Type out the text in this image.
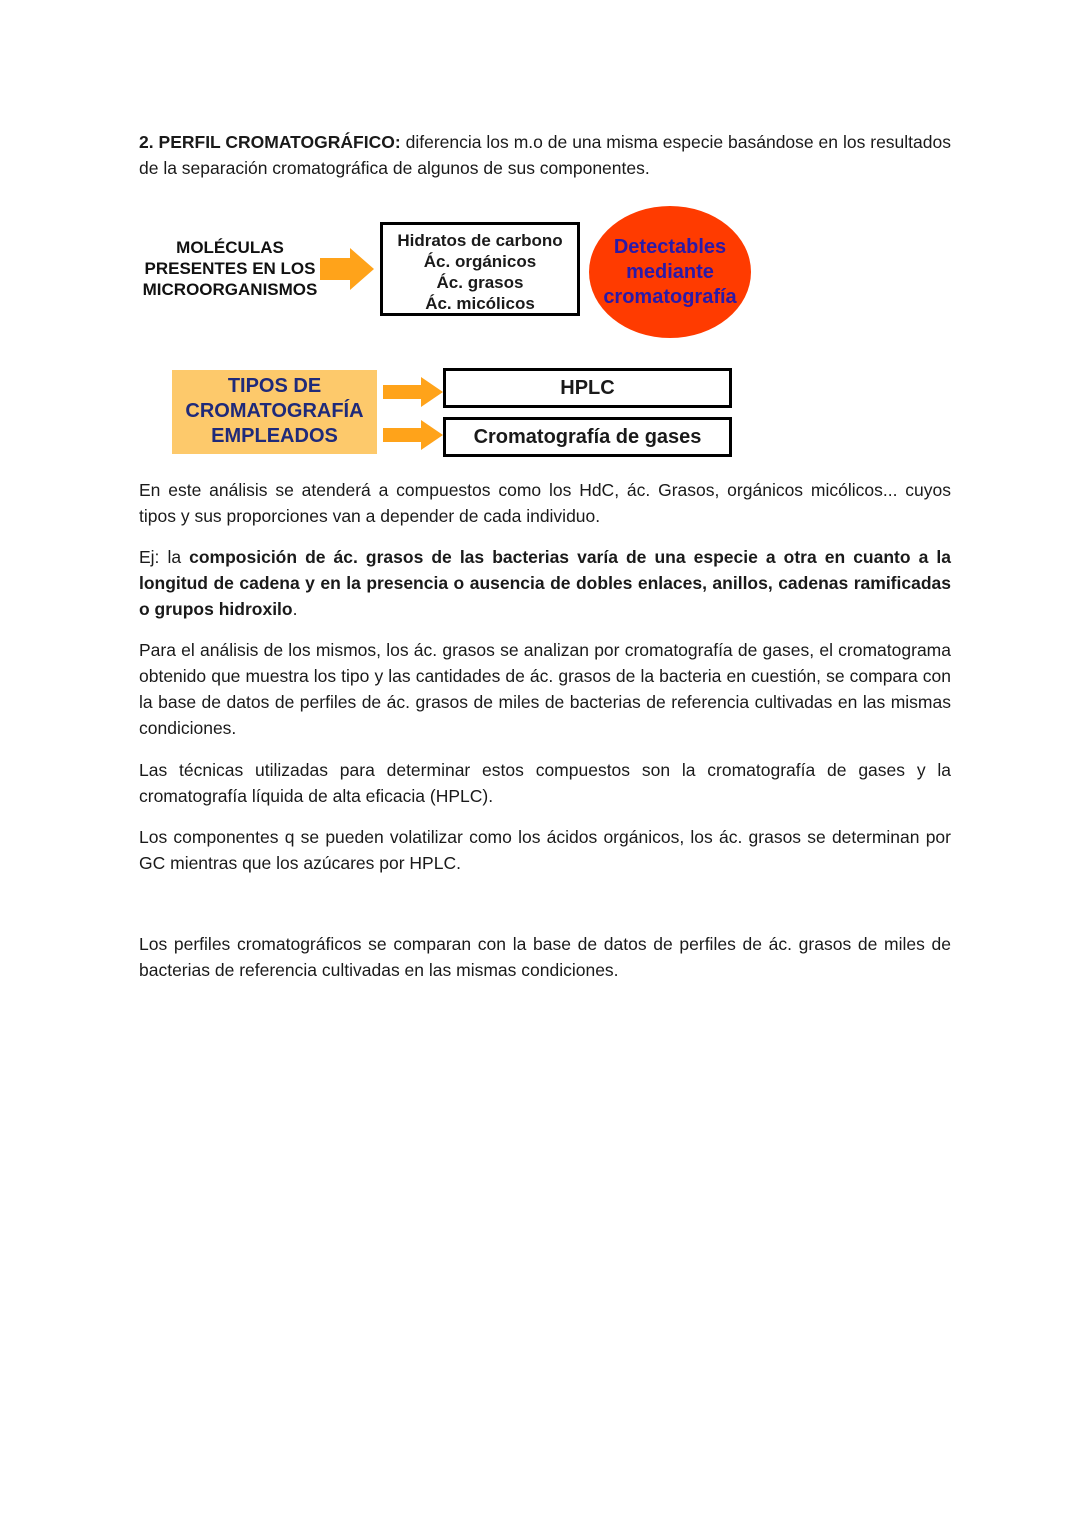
2. PERFIL CROMATOGRÁFICO: diferencia los m.o de una misma especie basándose en los resultados de la separación cromatográfica de algunos de sus componentes.

MOLÉCULAS
PRESENTES EN LOS
MICROORGANISMOS
Hidratos de carbono
Ác. orgánicos
Ác. grasos
Ác. micólicos
Detectables
mediante
cromatografía
TIPOS DE
CROMATOGRAFÍA
EMPLEADOS
HPLC
Cromatografía de gases

En este análisis se atenderá a compuestos como los HdC, ác. Grasos, orgánicos micólicos... cuyos tipos y sus proporciones van a depender de cada individuo.

Ej: la composición de ác. grasos de las bacterias varía de una especie a otra en cuanto a la longitud de cadena y en la presencia o ausencia de dobles enlaces, anillos, cadenas ramificadas o grupos hidroxilo.

Para el análisis de los mismos, los ác. grasos se analizan por cromatografía de gases, el cromatograma obtenido que muestra los tipo y las cantidades de ác. grasos de la bacteria en cuestión, se compara con la base de datos de perfiles de ác. grasos de miles de bacterias de referencia cultivadas en las mismas condiciones.

Las técnicas utilizadas para determinar estos compuestos son la cromatografía de gases y la cromatografía líquida de alta eficacia (HPLC).

Los componentes q se pueden volatilizar como los ácidos orgánicos, los ác. grasos se determinan por GC mientras que los azúcares por HPLC.

Los perfiles cromatográficos se comparan con la base de datos de perfiles de ác. grasos de miles de bacterias de referencia cultivadas en las mismas condiciones.
